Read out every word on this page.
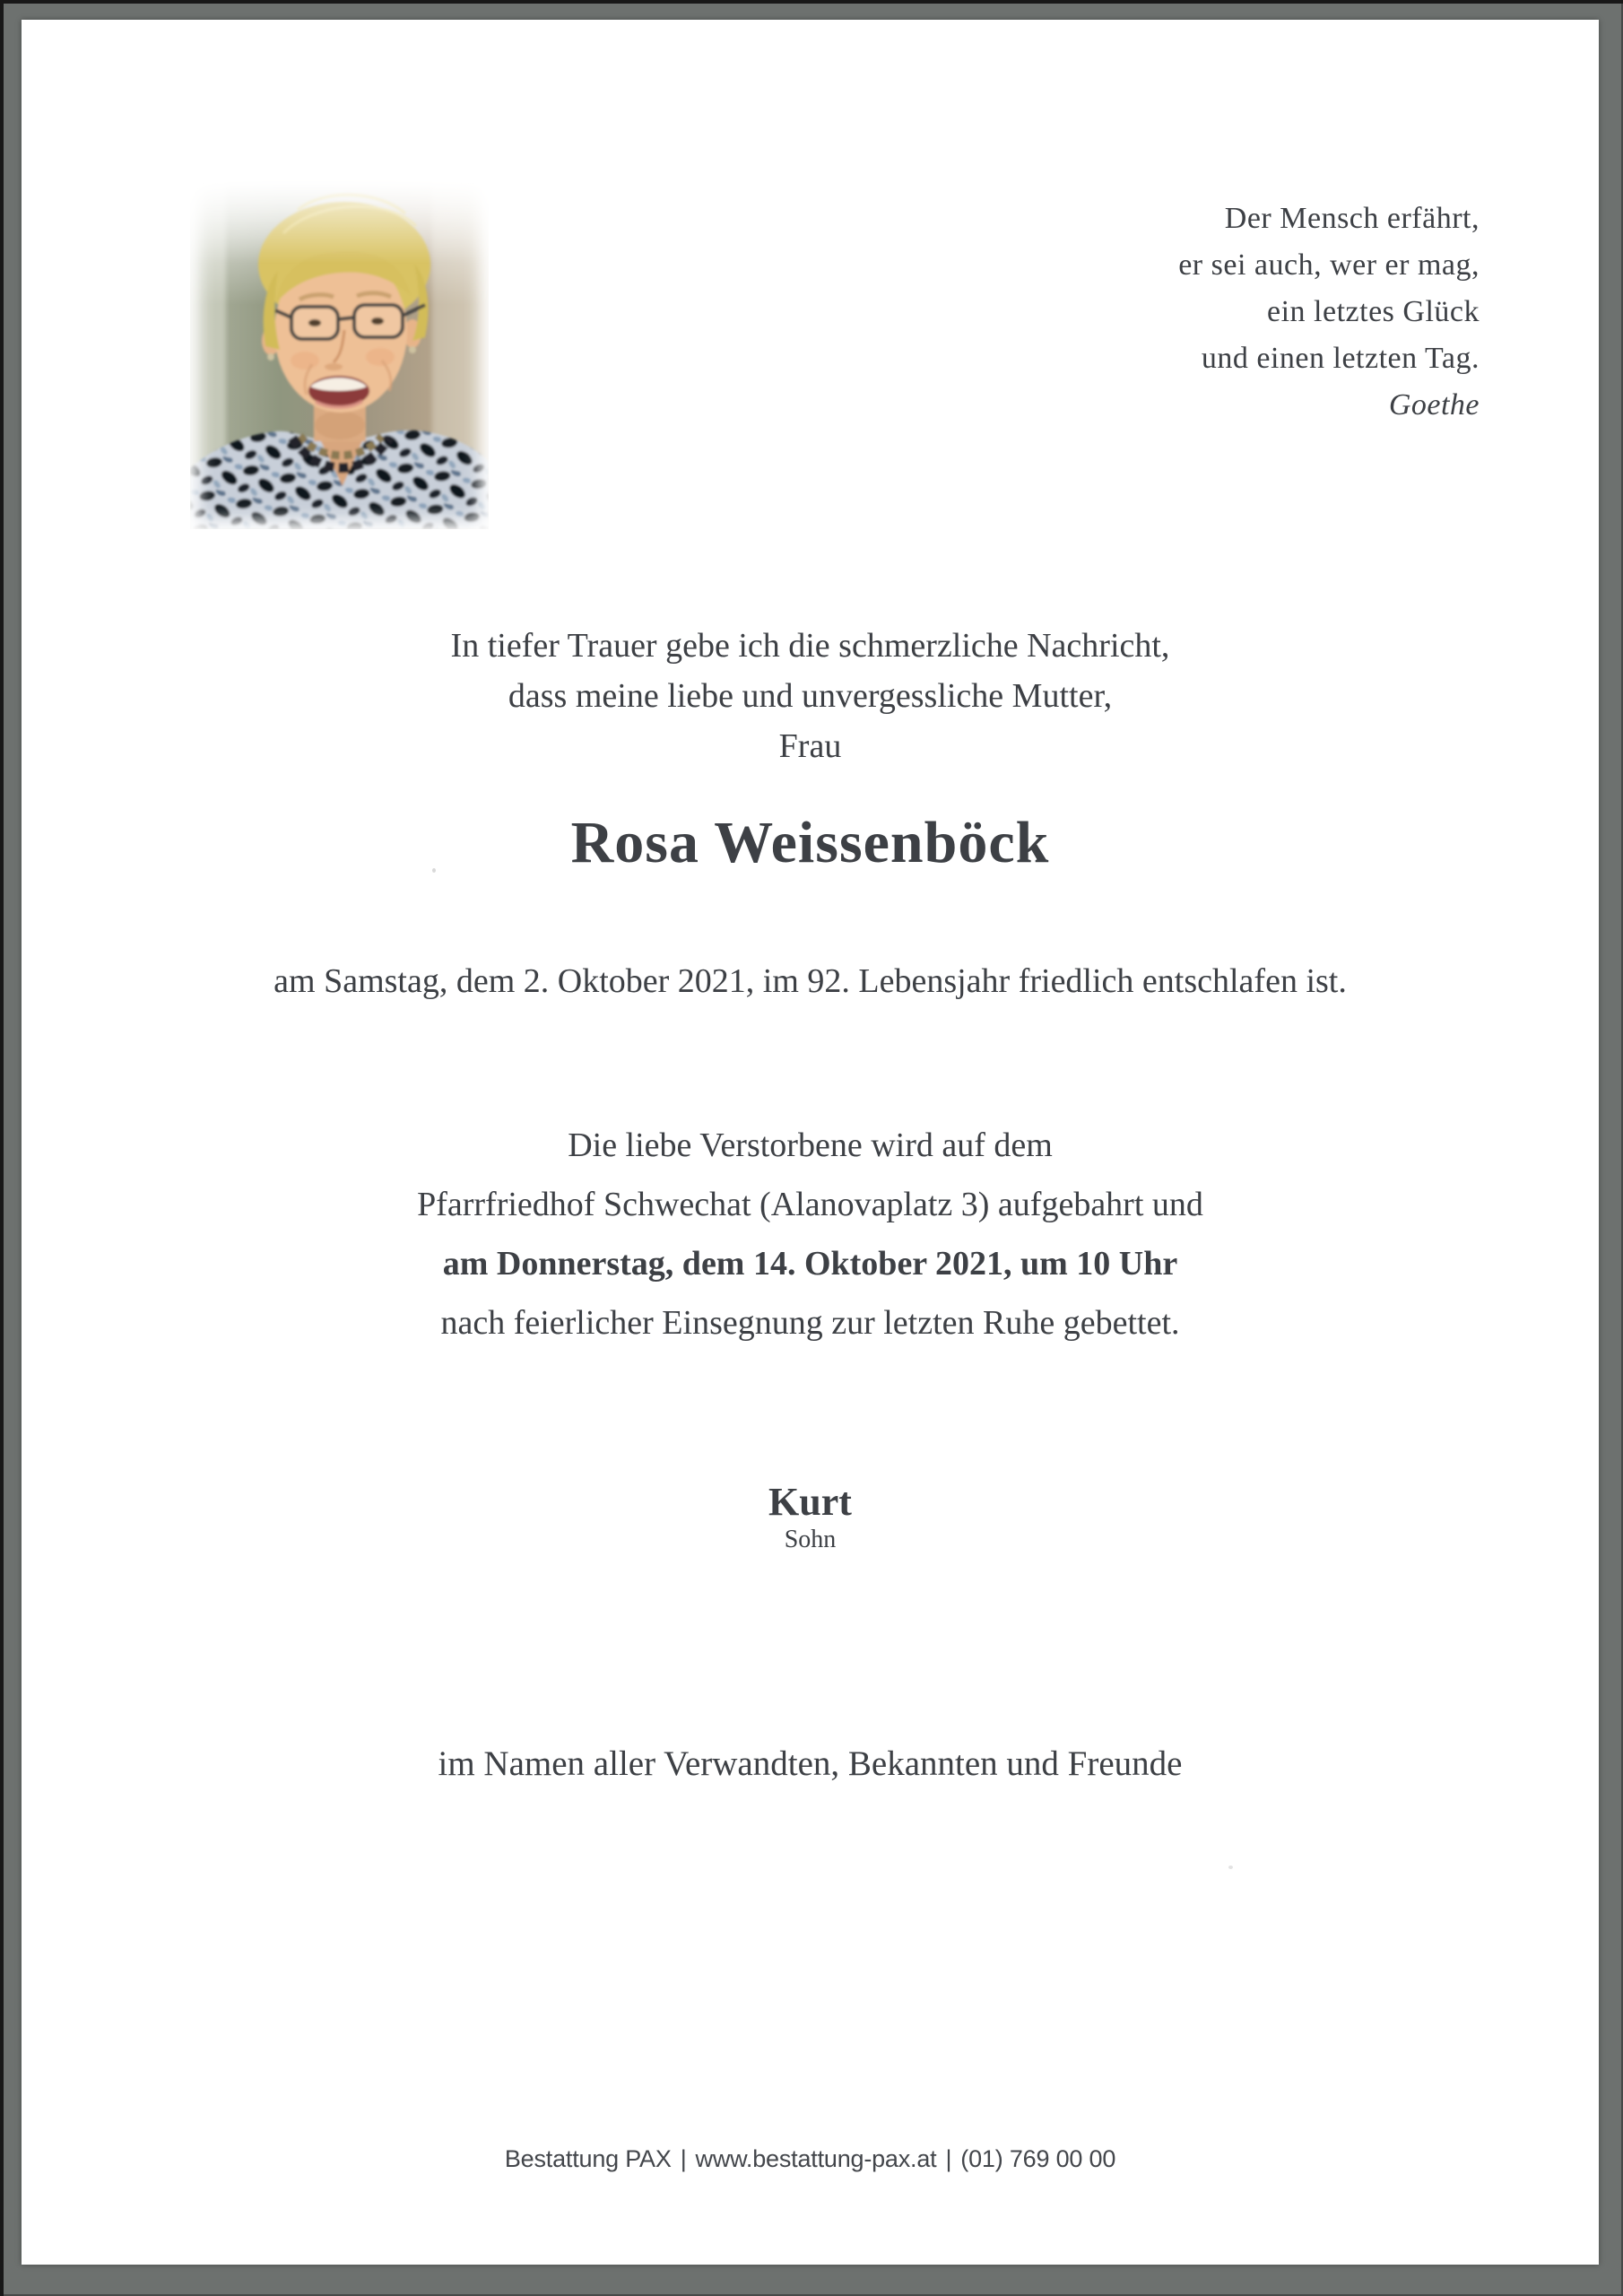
Der Mensch erfährt,
er sei auch, wer er mag,
ein letztes Glück
und einen letzten Tag.
Goethe
In tiefer Trauer gebe ich die schmerzliche Nachricht,
dass meine liebe und unvergessliche Mutter,
Frau
Rosa Weissenböck
am Samstag, dem 2. Oktober 2021, im 92. Lebensjahr friedlich entschlafen ist.
Die liebe Verstorbene wird auf dem
Pfarrfriedhof Schwechat (Alanovaplatz 3) aufgebahrt und
am Donnerstag, dem 14. Oktober 2021, um 10 Uhr
nach feierlicher Einsegnung zur letzten Ruhe gebettet.
Kurt
Sohn
im Namen aller Verwandten, Bekannten und Freunde
Bestattung PAX | www.bestattung-pax.at | (01) 769 00 00
